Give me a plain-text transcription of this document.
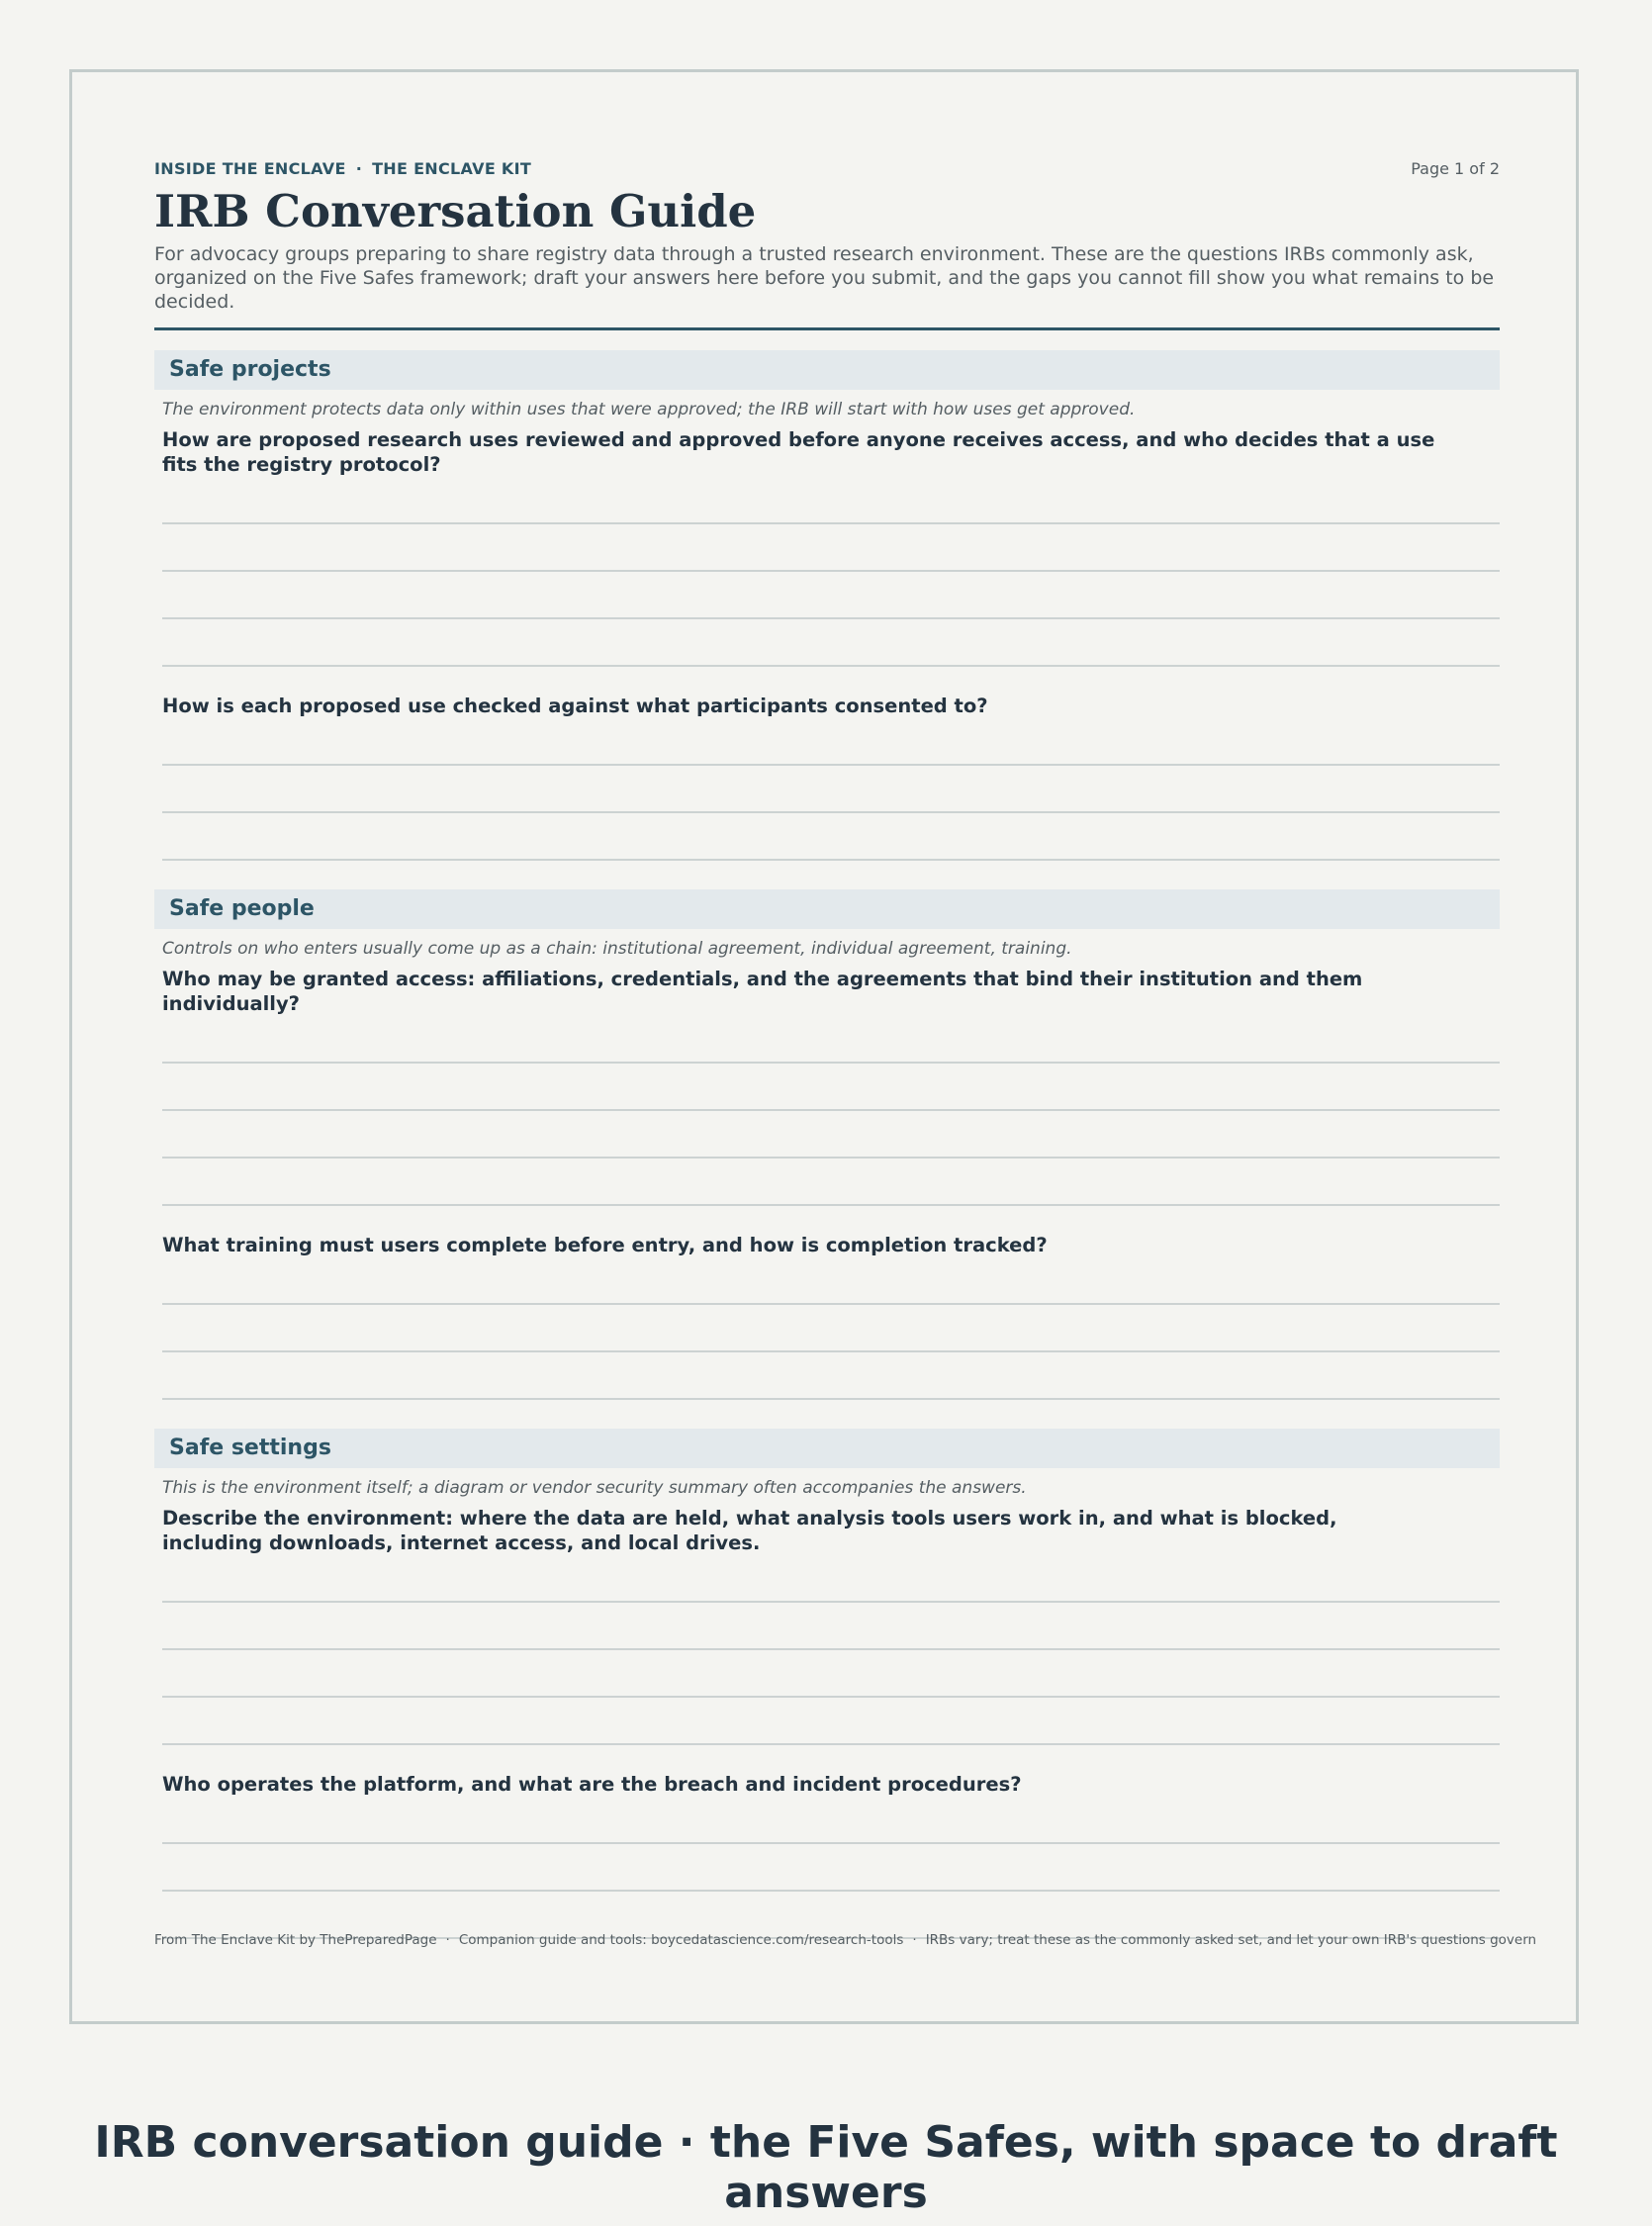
INSIDE THE ENCLAVE · THE ENCLAVE KIT	Page 1 of 2
IRB Conversation Guide

For advocacy groups preparing to share registry data through a trusted research environment. These are the questions IRBs commonly ask, organized on the Five Safes framework; draft your answers here before you submit, and the gaps you cannot fill show you what remains to be decided.

Safe projects
The environment protects data only within uses that were approved; the IRB will start with how uses get approved.
How are proposed research uses reviewed and approved before anyone receives access, and who decides that a use fits the registry protocol?
How is each proposed use checked against what participants consented to?
Safe people
Controls on who enters usually come up as a chain: institutional agreement, individual agreement, training.
Who may be granted access: affiliations, credentials, and the agreements that bind their institution and them individually?
What training must users complete before entry, and how is completion tracked?
Safe settings
This is the environment itself; a diagram or vendor security summary often accompanies the answers.
Describe the environment: where the data are held, what analysis tools users work in, and what is blocked, including downloads, internet access, and local drives.
Who operates the platform, and what are the breach and incident procedures?
From The Enclave Kit by ThePreparedPage · Companion guide and tools: boycedatascience.com/research-tools · IRBs vary; treat these as the commonly asked set, and let your own IRB's questions govern
IRB conversation guide · the Five Safes, with space to draft answers
